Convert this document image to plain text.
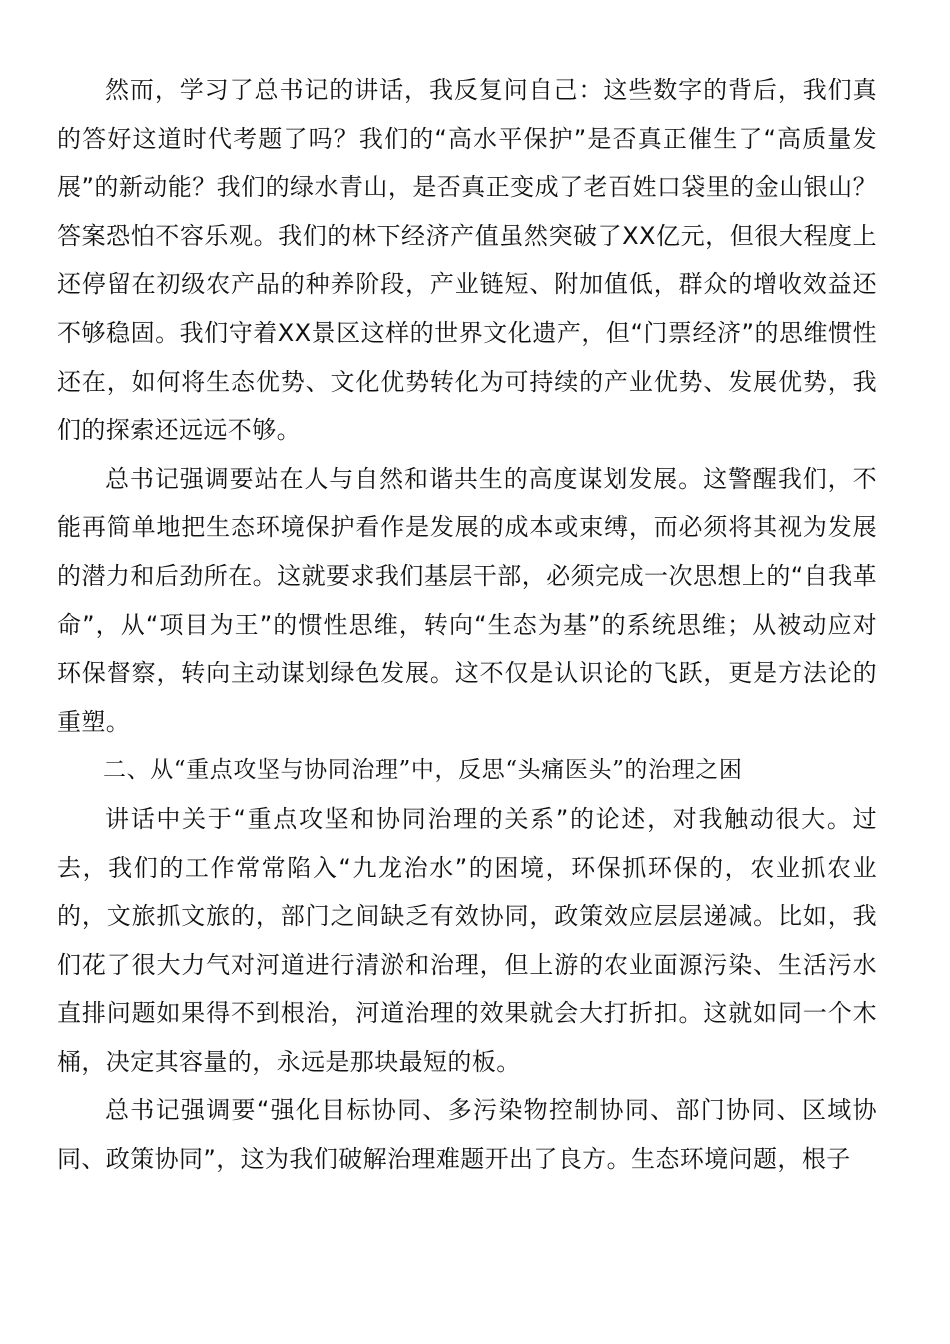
然而，学习了总书记的讲话，我反复问自己：这些数字的背后，我们真的答好这道时代考题了吗？我们的“高水平保护”是否真正催生了“高质量发展”的新动能？我们的绿水青山，是否真正变成了老百姓口袋里的金山银山？答案恐怕不容乐观。我们的林下经济产值虽然突破了XX亿元，但很大程度上还停留在初级农产品的种养阶段，产业链短、附加值低，群众的增收效益还不够稳固。我们守着XX景区这样的世界文化遗产，但“门票经济”的思维惯性还在，如何将生态优势、文化优势转化为可持续的产业优势、发展优势，我们的探索还远远不够。

总书记强调要站在人与自然和谐共生的高度谋划发展。这警醒我们，不能再简单地把生态环境保护看作是发展的成本或束缚，而必须将其视为发展的潜力和后劲所在。这就要求我们基层干部，必须完成一次思想上的“自我革命”，从“项目为王”的惯性思维，转向“生态为基”的系统思维；从被动应对环保督察，转向主动谋划绿色发展。这不仅是认识论的飞跃，更是方法论的重塑。

二、从“重点攻坚与协同治理”中，反思“头痛医头”的治理之困

讲话中关于“重点攻坚和协同治理的关系”的论述，对我触动很大。过去，我们的工作常常陷入“九龙治水”的困境，环保抓环保的，农业抓农业的，文旅抓文旅的，部门之间缺乏有效协同，政策效应层层递减。比如，我们花了很大力气对河道进行清淤和治理，但上游的农业面源污染、生活污水直排问题如果得不到根治，河道治理的效果就会大打折扣。这就如同一个木桶，决定其容量的，永远是那块最短的板。

总书记强调要“强化目标协同、多污染物控制协同、部门协同、区域协同、政策协同”，这为我们破解治理难题开出了良方。生态环境问题，根子
